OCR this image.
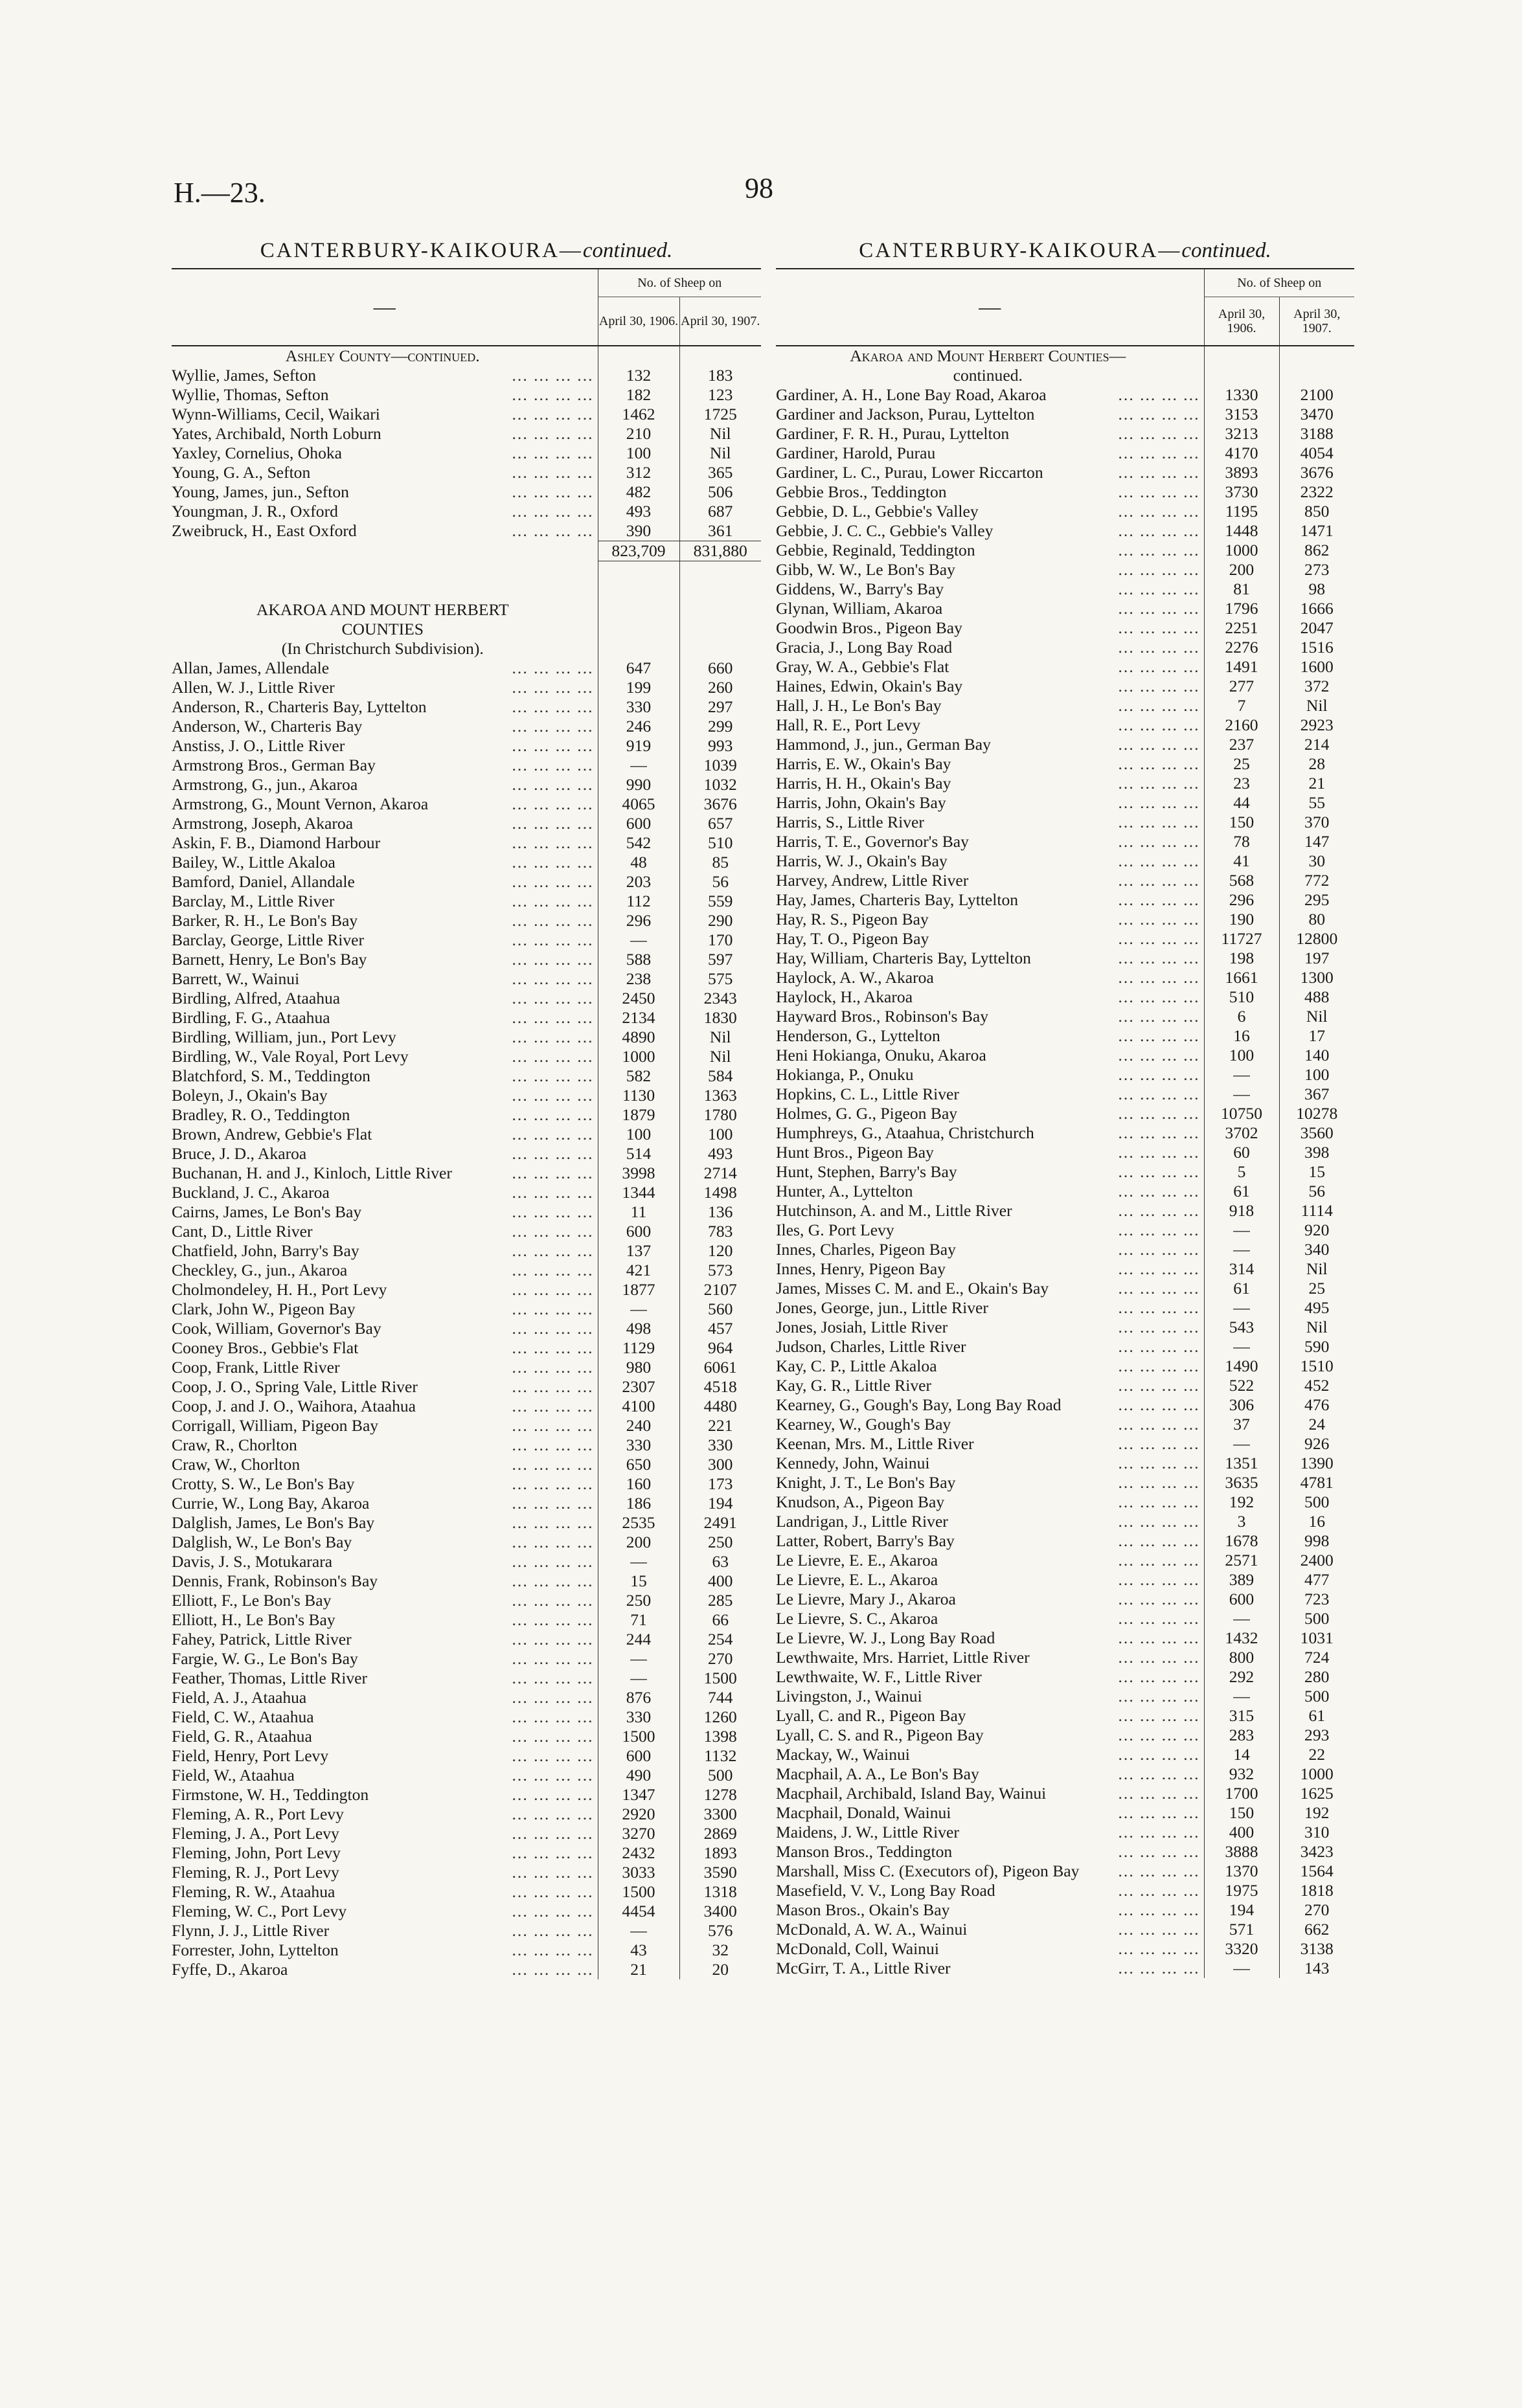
H.—23.	98
CANTERBURY-KAIKOURA—continued.
—	No. of Sheep on	
	April 30, 1906.	April 30, 1907.
Ashley County—continued.		
Wyllie, James, Sefton ...	132	183
Wyllie, Thomas, Sefton ...	182	123
Wynn-Williams, Cecil, Waikari ...	1462	1725
Yates, Archibald, North Loburn ...	210	Nil
Yaxley, Cornelius, Ohoka ...	100	Nil
Young, G. A., Sefton ...	312	365
Young, James, jun., Sefton ...	482	506
Youngman, J. R., Oxford ...	493	687
Zweibruck, H., East Oxford ...	390	361
	823,709	831,880

AKAROA AND MOUNT HERBERT		
COUNTIES		
(In Christchurch Subdivision).		
Allan, James, Allendale ...	647	660
Allen, W. J., Little River ...	199	260
Anderson, R., Charteris Bay, Lyttelton ...	330	297
Anderson, W., Charteris Bay ...	246	299
Anstiss, J. O., Little River ...	919	993
Armstrong Bros., German Bay ...	—	1039
Armstrong, G., jun., Akaroa ...	990	1032
Armstrong, G., Mount Vernon, Akaroa ...	4065	3676
Armstrong, Joseph, Akaroa ...	600	657
Askin, F. B., Diamond Harbour ...	542	510
Bailey, W., Little Akaloa ...	48	85
Bamford, Daniel, Allandale ...	203	56
Barclay, M., Little River ...	112	559
Barker, R. H., Le Bon's Bay ...	296	290
Barclay, George, Little River ...	—	170
Barnett, Henry, Le Bon's Bay ...	588	597
Barrett, W., Wainui ...	238	575
Birdling, Alfred, Ataahua ...	2450	2343
Birdling, F. G., Ataahua ...	2134	1830
Birdling, William, jun., Port Levy ...	4890	Nil
Birdling, W., Vale Royal, Port Levy ...	1000	Nil
Blatchford, S. M., Teddington ...	582	584
Boleyn, J., Okain's Bay ...	1130	1363
Bradley, R. O., Teddington ...	1879	1780
Brown, Andrew, Gebbie's Flat ...	100	100
Bruce, J. D., Akaroa ...	514	493
Buchanan, H. and J., Kinloch, Little River ...	3998	2714
Buckland, J. C., Akaroa ...	1344	1498
Cairns, James, Le Bon's Bay ...	11	136
Cant, D., Little River ...	600	783
Chatfield, John, Barry's Bay ...	137	120
Checkley, G., jun., Akaroa ...	421	573
Cholmondeley, H. H., Port Levy ...	1877	2107
Clark, John W., Pigeon Bay ...	—	560
Cook, William, Governor's Bay ...	498	457
Cooney Bros., Gebbie's Flat ...	1129	964
Coop, Frank, Little River ...	980	6061
Coop, J. O., Spring Vale, Little River ...	2307	4518
Coop, J. and J. O., Waihora, Ataahua ...	4100	4480
Corrigall, William, Pigeon Bay ...	240	221
Craw, R., Chorlton ...	330	330
Craw, W., Chorlton ...	650	300
Crotty, S. W., Le Bon's Bay ...	160	173
Currie, W., Long Bay, Akaroa ...	186	194
Dalglish, James, Le Bon's Bay ...	2535	2491
Dalglish, W., Le Bon's Bay ...	200	250
Davis, J. S., Motukarara ...	—	63
Dennis, Frank, Robinson's Bay ...	15	400
Elliott, F., Le Bon's Bay ...	250	285
Elliott, H., Le Bon's Bay ...	71	66
Fahey, Patrick, Little River ...	244	254
Fargie, W. G., Le Bon's Bay ...	—	270
Feather, Thomas, Little River ...	—	1500
Field, A. J., Ataahua ...	876	744
Field, C. W., Ataahua ...	330	1260
Field, G. R., Ataahua ...	1500	1398
Field, Henry, Port Levy ...	600	1132
Field, W., Ataahua ...	490	500
Firmstone, W. H., Teddington ...	1347	1278
Fleming, A. R., Port Levy ...	2920	3300
Fleming, J. A., Port Levy ...	3270	2869
Fleming, John, Port Levy ...	2432	1893
Fleming, R. J., Port Levy ...	3033	3590
Fleming, R. W., Ataahua ...	1500	1318
Fleming, W. C., Port Levy ...	4454	3400
Flynn, J. J., Little River ...	—	576
Forrester, John, Lyttelton ...	43	32
Fyffe, D., Akaroa ...	21	20
CANTERBURY-KAIKOURA—continued.
—	No. of Sheep on	
	April 30, 1906.	April 30, 1907.
Akaroa and Mount Herbert Counties—		
continued.		
Gardiner, A. H., Lone Bay Road, Akaroa ...	1330	2100
Gardiner and Jackson, Purau, Lyttelton ...	3153	3470
Gardiner, F. R. H., Purau, Lyttelton ...	3213	3188
Gardiner, Harold, Purau ...	4170	4054
Gardiner, L. C., Purau, Lower Riccarton ...	3893	3676
Gebbie Bros., Teddington ...	3730	2322
Gebbie, D. L., Gebbie's Valley ...	1195	850
Gebbie, J. C. C., Gebbie's Valley ...	1448	1471
Gebbie, Reginald, Teddington ...	1000	862
Gibb, W. W., Le Bon's Bay ...	200	273
Giddens, W., Barry's Bay ...	81	98
Glynan, William, Akaroa ...	1796	1666
Goodwin Bros., Pigeon Bay ...	2251	2047
Gracia, J., Long Bay Road ...	2276	1516
Gray, W. A., Gebbie's Flat ...	1491	1600
Haines, Edwin, Okain's Bay ...	277	372
Hall, J. H., Le Bon's Bay ...	7	Nil
Hall, R. E., Port Levy ...	2160	2923
Hammond, J., jun., German Bay ...	237	214
Harris, E. W., Okain's Bay ...	25	28
Harris, H. H., Okain's Bay ...	23	21
Harris, John, Okain's Bay ...	44	55
Harris, S., Little River ...	150	370
Harris, T. E., Governor's Bay ...	78	147
Harris, W. J., Okain's Bay ...	41	30
Harvey, Andrew, Little River ...	568	772
Hay, James, Charteris Bay, Lyttelton ...	296	295
Hay, R. S., Pigeon Bay ...	190	80
Hay, T. O., Pigeon Bay ...	11727	12800
Hay, William, Charteris Bay, Lyttelton ...	198	197
Haylock, A. W., Akaroa ...	1661	1300
Haylock, H., Akaroa ...	510	488
Hayward Bros., Robinson's Bay ...	6	Nil
Henderson, G., Lyttelton ...	16	17
Heni Hokianga, Onuku, Akaroa ...	100	140
Hokianga, P., Onuku ...	—	100
Hopkins, C. L., Little River ...	—	367
Holmes, G. G., Pigeon Bay ...	10750	10278
Humphreys, G., Ataahua, Christchurch ...	3702	3560
Hunt Bros., Pigeon Bay ...	60	398
Hunt, Stephen, Barry's Bay ...	5	15
Hunter, A., Lyttelton ...	61	56
Hutchinson, A. and M., Little River ...	918	1114
Iles, G. Port Levy ...	—	920
Innes, Charles, Pigeon Bay ...	—	340
Innes, Henry, Pigeon Bay ...	314	Nil
James, Misses C. M. and E., Okain's Bay ...	61	25
Jones, George, jun., Little River ...	—	495
Jones, Josiah, Little River ...	543	Nil
Judson, Charles, Little River ...	—	590
Kay, C. P., Little Akaloa ...	1490	1510
Kay, G. R., Little River ...	522	452
Kearney, G., Gough's Bay, Long Bay Road ...	306	476
Kearney, W., Gough's Bay ...	37	24
Keenan, Mrs. M., Little River ...	—	926
Kennedy, John, Wainui ...	1351	1390
Knight, J. T., Le Bon's Bay ...	3635	4781
Knudson, A., Pigeon Bay ...	192	500
Landrigan, J., Little River ...	3	16
Latter, Robert, Barry's Bay ...	1678	998
Le Lievre, E. E., Akaroa ...	2571	2400
Le Lievre, E. L., Akaroa ...	389	477
Le Lievre, Mary J., Akaroa ...	600	723
Le Lievre, S. C., Akaroa ...	—	500
Le Lievre, W. J., Long Bay Road ...	1432	1031
Lewthwaite, Mrs. Harriet, Little River ...	800	724
Lewthwaite, W. F., Little River ...	292	280
Livingston, J., Wainui ...	—	500
Lyall, C. and R., Pigeon Bay ...	315	61
Lyall, C. S. and R., Pigeon Bay ...	283	293
Mackay, W., Wainui ...	14	22
Macphail, A. A., Le Bon's Bay ...	932	1000
Macphail, Archibald, Island Bay, Wainui ...	1700	1625
Macphail, Donald, Wainui ...	150	192
Maidens, J. W., Little River ...	400	310
Manson Bros., Teddington ...	3888	3423
Marshall, Miss C. (Executors of), Pigeon Bay ...	1370	1564
Masefield, V. V., Long Bay Road ...	1975	1818
Mason Bros., Okain's Bay ...	194	270
McDonald, A. W. A., Wainui ...	571	662
McDonald, Coll, Wainui ...	3320	3138
McGirr, T. A., Little River ...	—	143
